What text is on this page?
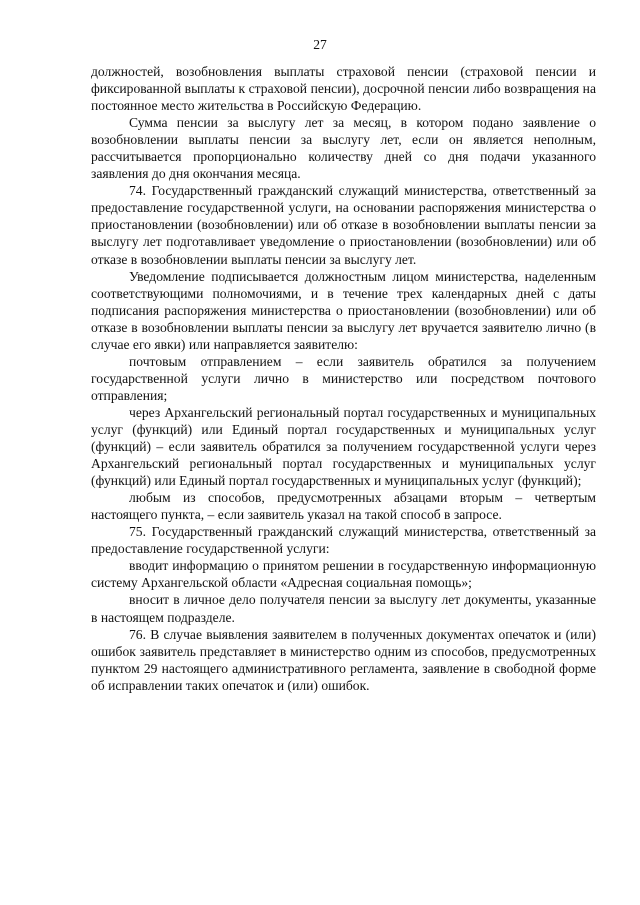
27

должностей, возобновления выплаты страховой пенсии (страховой пенсии и фиксированной выплаты к страховой пенсии), досрочной пенсии либо возвращения на постоянное место жительства в Российскую Федерацию.

Сумма пенсии за выслугу лет за месяц, в котором подано заявление о возобновлении выплаты пенсии за выслугу лет, если он является неполным, рассчитывается пропорционально количеству дней со дня подачи указанного заявления до дня окончания месяца.

74. Государственный гражданский служащий министерства, ответственный за предоставление государственной услуги, на основании распоряжения министерства о приостановлении (возобновлении) или об отказе в возобновлении выплаты пенсии за выслугу лет подготавливает уведомление о приостановлении (возобновлении) или об отказе в возобновлении выплаты пенсии за выслугу лет.

Уведомление подписывается должностным лицом министерства, наделенным соответствующими полномочиями, и в течение трех календарных дней с даты подписания распоряжения министерства о приостановлении (возобновлении) или об отказе в возобновлении выплаты пенсии за выслугу лет вручается заявителю лично (в случае его явки) или направляется заявителю:

почтовым отправлением – если заявитель обратился за получением государственной услуги лично в министерство или посредством почтового отправления;

через Архангельский региональный портал государственных и муниципальных услуг (функций) или Единый портал государственных и муниципальных услуг (функций) – если заявитель обратился за получением государственной услуги через Архангельский региональный портал государственных и муниципальных услуг (функций) или Единый портал государственных и муниципальных услуг (функций);

любым из способов, предусмотренных абзацами вторым – четвертым настоящего пункта, – если заявитель указал на такой способ в запросе.

75. Государственный гражданский служащий министерства, ответственный за предоставление государственной услуги:

вводит информацию о принятом решении в государственную информационную систему Архангельской области «Адресная социальная помощь»;

вносит в личное дело получателя пенсии за выслугу лет документы, указанные в настоящем подразделе.

76. В случае выявления заявителем в полученных документах опечаток и (или) ошибок заявитель представляет в министерство одним из способов, предусмотренных пунктом 29 настоящего административного регламента, заявление в свободной форме об исправлении таких опечаток и (или) ошибок.
